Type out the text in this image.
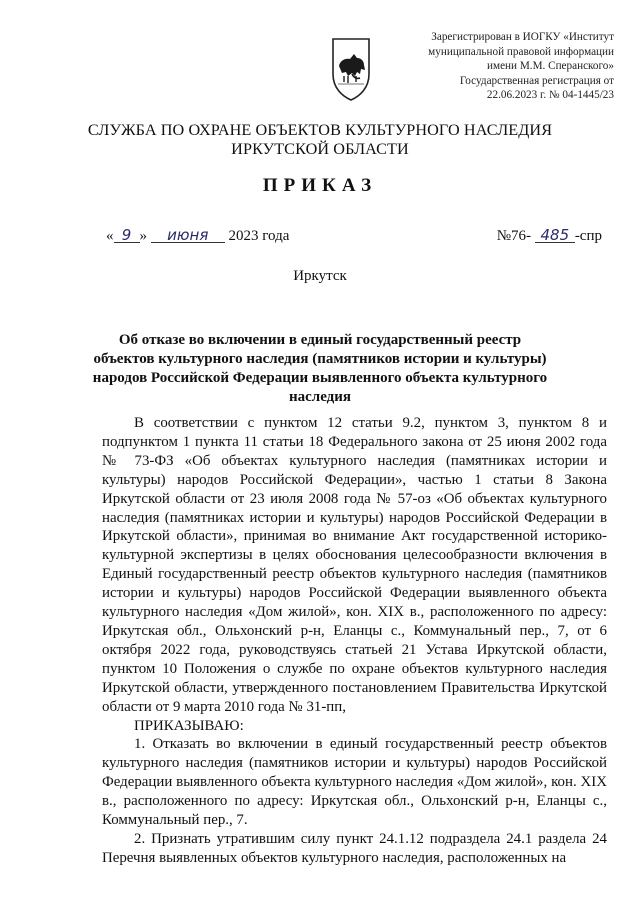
Зарегистрирован в ИОГКУ «Институт
муниципальной правовой информации
имени М.М. Сперанского»
Государственная регистрация от
22.06.2023 г. № 04-1445/23
СЛУЖБА ПО ОХРАНЕ ОБЪЕКТОВ КУЛЬТУРНОГО НАСЛЕДИЯ
ИРКУТСКОЙ ОБЛАСТИ
ПРИКАЗ
« 9 » июня 2023 года	№76- 485 -спр
Иркутск
Об отказе во включении в единый государственный реестр объектов культурного наследия (памятников истории и культуры) народов Российской Федерации выявленного объекта культурного наследия

В соответствии с пунктом 12 статьи 9.2, пунктом 3, пунктом 8 и подпунктом 1 пункта 11 статьи 18 Федерального закона от 25 июня 2002 года № 73-ФЗ «Об объектах культурного наследия (памятниках истории и культуры) народов Российской Федерации», частью 1 статьи 8 Закона Иркутской области от 23 июля 2008 года № 57-оз «Об объектах культурного наследия (памятниках истории и культуры) народов Российской Федерации в Иркутской области», принимая во внимание Акт государственной историко-культурной экспертизы в целях обоснования целесообразности включения в Единый государственный реестр объектов культурного наследия (памятников истории и культуры) народов Российской Федерации выявленного объекта культурного наследия «Дом жилой», кон. XIX в., расположенного по адресу: Иркутская обл., Ольхонский р-н, Еланцы с., Коммунальный пер., 7, от 6 октября 2022 года, руководствуясь статьей 21 Устава Иркутской области, пунктом 10 Положения о службе по охране объектов культурного наследия Иркутской области, утвержденного постановлением Правительства Иркутской области от 9 марта 2010 года № 31-пп,

ПРИКАЗЫВАЮ:

1. Отказать во включении в единый государственный реестр объектов культурного наследия (памятников истории и культуры) народов Российской Федерации выявленного объекта культурного наследия «Дом жилой», кон. XIX в., расположенного по адресу: Иркутская обл., Ольхонский р-н, Еланцы с., Коммунальный пер., 7.

2. Признать утратившим силу пункт 24.1.12 подраздела 24.1 раздела 24 Перечня выявленных объектов культурного наследия, расположенных на
